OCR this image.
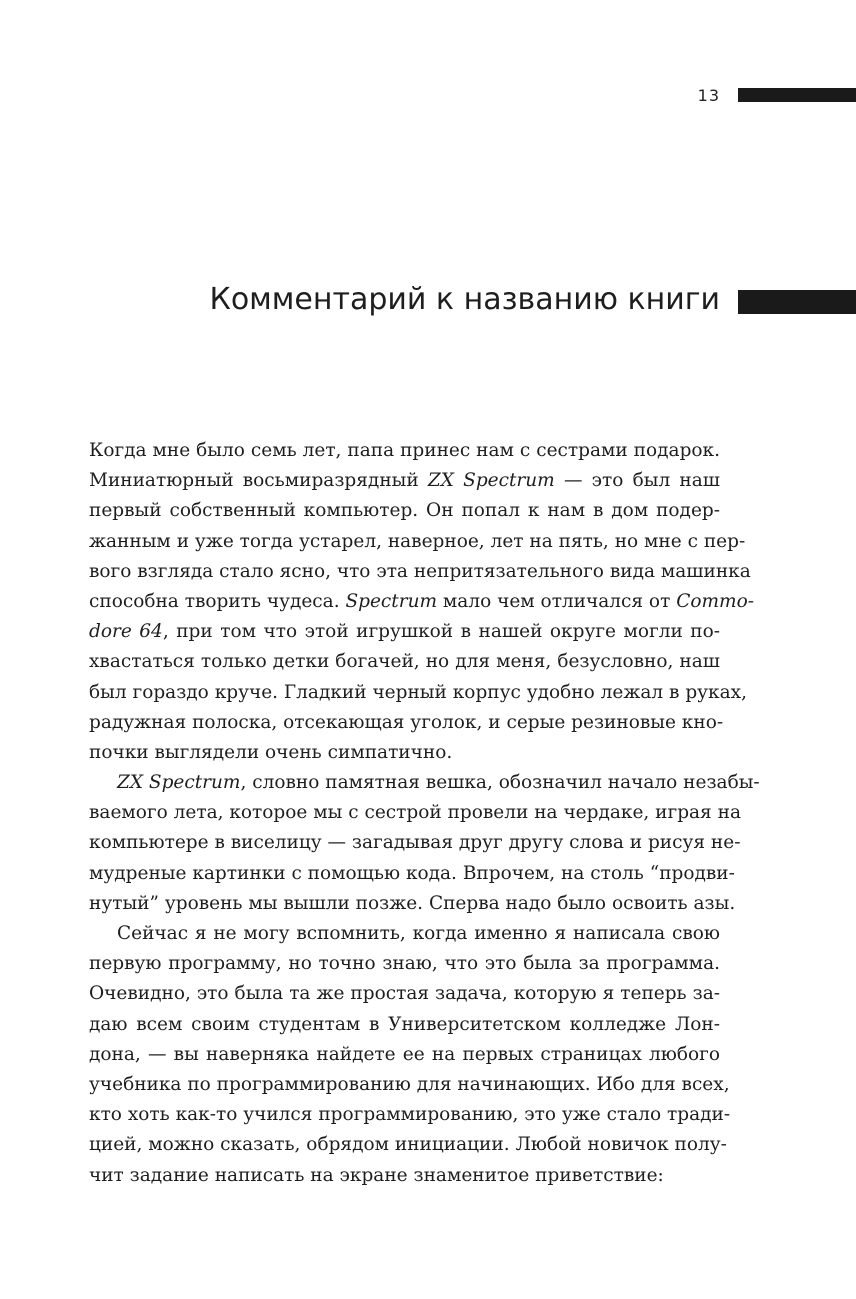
13
Комментарий к названию книги

Когда мне было семь лет, папа принес нам с сестрами подарок.
Миниатюрный восьмиразрядный ZX Spectrum — это был наш
первый собственный компьютер. Он попал к нам в дом подер-
жанным и уже тогда устарел, наверное, лет на пять, но мне с пер-
вого взгляда стало ясно, что эта непритязательного вида машинка
способна творить чудеса. Spectrum мало чем отличался от Commo-
dore 64, при том что этой игрушкой в нашей округе могли по-
хвастаться только детки богачей, но для меня, безусловно, наш
был гораздо круче. Гладкий черный корпус удобно лежал в руках,
радужная полоска, отсекающая уголок, и серые резиновые кно-
почки выглядели очень симпатично.

ZX Spectrum, словно памятная вешка, обозначил начало незабы-
ваемого лета, которое мы с сестрой провели на чердаке, играя на
компьютере в виселицу — загадывая друг другу слова и рисуя не-
мудреные картинки с помощью кода. Впрочем, на столь “продви-
нутый” уровень мы вышли позже. Сперва надо было освоить азы.

Сейчас я не могу вспомнить, когда именно я написала свою
первую программу, но точно знаю, что это была за программа.
Очевидно, это была та же простая задача, которую я теперь за-
даю всем своим студентам в Университетском колледже Лон-
дона, — вы наверняка найдете ее на первых страницах любого
учебника по программированию для начинающих. Ибо для всех,
кто хоть как-то учился программированию, это уже стало тради-
цией, можно сказать, обрядом инициации. Любой новичок полу-
чит задание написать на экране знаменитое приветствие:
